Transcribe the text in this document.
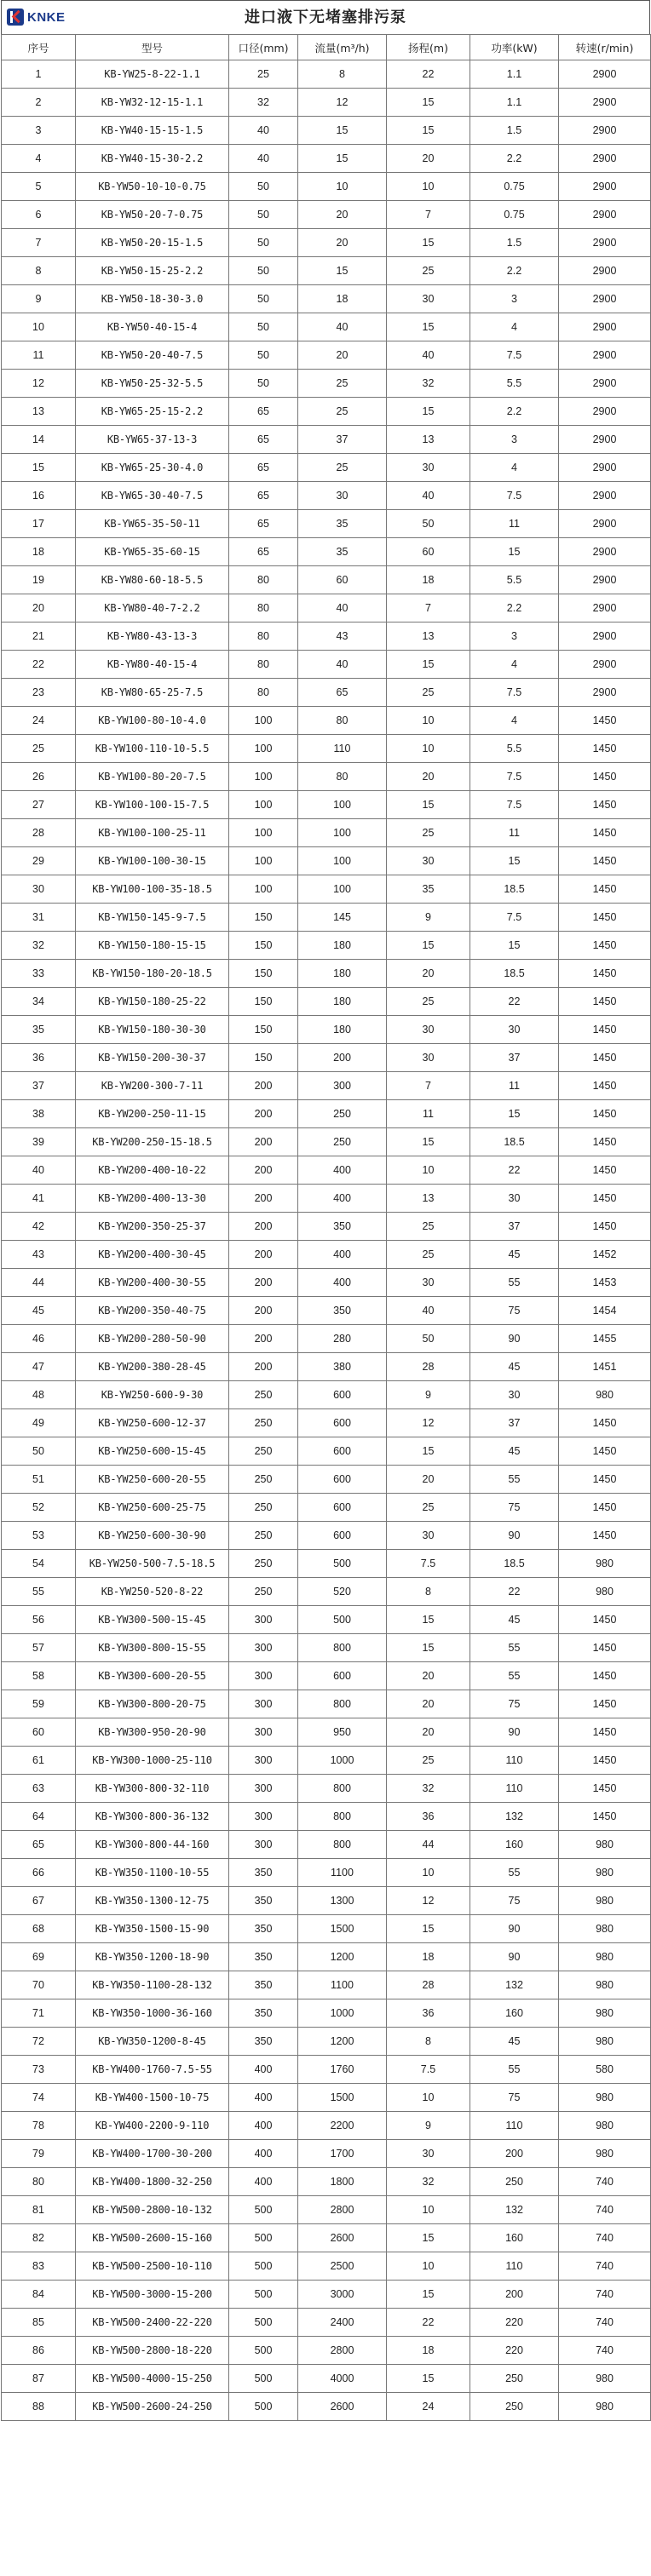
进口液下无堵塞排污泵
KNKE
序号	型号	口径(mm)	流量(m³/h)	扬程(m)	功率(kW)	转速(r/min)
1	KB-YW25-8-22-1.1	25	8	22	1.1	2900
2	KB-YW32-12-15-1.1	32	12	15	1.1	2900
3	KB-YW40-15-15-1.5	40	15	15	1.5	2900
4	KB-YW40-15-30-2.2	40	15	20	2.2	2900
5	KB-YW50-10-10-0.75	50	10	10	0.75	2900
6	KB-YW50-20-7-0.75	50	20	7	0.75	2900
7	KB-YW50-20-15-1.5	50	20	15	1.5	2900
8	KB-YW50-15-25-2.2	50	15	25	2.2	2900
9	KB-YW50-18-30-3.0	50	18	30	3	2900
10	KB-YW50-40-15-4	50	40	15	4	2900
11	KB-YW50-20-40-7.5	50	20	40	7.5	2900
12	KB-YW50-25-32-5.5	50	25	32	5.5	2900
13	KB-YW65-25-15-2.2	65	25	15	2.2	2900
14	KB-YW65-37-13-3	65	37	13	3	2900
15	KB-YW65-25-30-4.0	65	25	30	4	2900
16	KB-YW65-30-40-7.5	65	30	40	7.5	2900
17	KB-YW65-35-50-11	65	35	50	11	2900
18	KB-YW65-35-60-15	65	35	60	15	2900
19	KB-YW80-60-18-5.5	80	60	18	5.5	2900
20	KB-YW80-40-7-2.2	80	40	7	2.2	2900
21	KB-YW80-43-13-3	80	43	13	3	2900
22	KB-YW80-40-15-4	80	40	15	4	2900
23	KB-YW80-65-25-7.5	80	65	25	7.5	2900
24	KB-YW100-80-10-4.0	100	80	10	4	1450
25	KB-YW100-110-10-5.5	100	110	10	5.5	1450
26	KB-YW100-80-20-7.5	100	80	20	7.5	1450
27	KB-YW100-100-15-7.5	100	100	15	7.5	1450
28	KB-YW100-100-25-11	100	100	25	11	1450
29	KB-YW100-100-30-15	100	100	30	15	1450
30	KB-YW100-100-35-18.5	100	100	35	18.5	1450
31	KB-YW150-145-9-7.5	150	145	9	7.5	1450
32	KB-YW150-180-15-15	150	180	15	15	1450
33	KB-YW150-180-20-18.5	150	180	20	18.5	1450
34	KB-YW150-180-25-22	150	180	25	22	1450
35	KB-YW150-180-30-30	150	180	30	30	1450
36	KB-YW150-200-30-37	150	200	30	37	1450
37	KB-YW200-300-7-11	200	300	7	11	1450
38	KB-YW200-250-11-15	200	250	11	15	1450
39	KB-YW200-250-15-18.5	200	250	15	18.5	1450
40	KB-YW200-400-10-22	200	400	10	22	1450
41	KB-YW200-400-13-30	200	400	13	30	1450
42	KB-YW200-350-25-37	200	350	25	37	1450
43	KB-YW200-400-30-45	200	400	25	45	1452
44	KB-YW200-400-30-55	200	400	30	55	1453
45	KB-YW200-350-40-75	200	350	40	75	1454
46	KB-YW200-280-50-90	200	280	50	90	1455
47	KB-YW200-380-28-45	200	380	28	45	1451
48	KB-YW250-600-9-30	250	600	9	30	980
49	KB-YW250-600-12-37	250	600	12	37	1450
50	KB-YW250-600-15-45	250	600	15	45	1450
51	KB-YW250-600-20-55	250	600	20	55	1450
52	KB-YW250-600-25-75	250	600	25	75	1450
53	KB-YW250-600-30-90	250	600	30	90	1450
54	KB-YW250-500-7.5-18.5	250	500	7.5	18.5	980
55	KB-YW250-520-8-22	250	520	8	22	980
56	KB-YW300-500-15-45	300	500	15	45	1450
57	KB-YW300-800-15-55	300	800	15	55	1450
58	KB-YW300-600-20-55	300	600	20	55	1450
59	KB-YW300-800-20-75	300	800	20	75	1450
60	KB-YW300-950-20-90	300	950	20	90	1450
61	KB-YW300-1000-25-110	300	1000	25	110	1450
63	KB-YW300-800-32-110	300	800	32	110	1450
64	KB-YW300-800-36-132	300	800	36	132	1450
65	KB-YW300-800-44-160	300	800	44	160	980
66	KB-YW350-1100-10-55	350	1100	10	55	980
67	KB-YW350-1300-12-75	350	1300	12	75	980
68	KB-YW350-1500-15-90	350	1500	15	90	980
69	KB-YW350-1200-18-90	350	1200	18	90	980
70	KB-YW350-1100-28-132	350	1100	28	132	980
71	KB-YW350-1000-36-160	350	1000	36	160	980
72	KB-YW350-1200-8-45	350	1200	8	45	980
73	KB-YW400-1760-7.5-55	400	1760	7.5	55	580
74	KB-YW400-1500-10-75	400	1500	10	75	980
78	KB-YW400-2200-9-110	400	2200	9	110	980
79	KB-YW400-1700-30-200	400	1700	30	200	980
80	KB-YW400-1800-32-250	400	1800	32	250	740
81	KB-YW500-2800-10-132	500	2800	10	132	740
82	KB-YW500-2600-15-160	500	2600	15	160	740
83	KB-YW500-2500-10-110	500	2500	10	110	740
84	KB-YW500-3000-15-200	500	3000	15	200	740
85	KB-YW500-2400-22-220	500	2400	22	220	740
86	KB-YW500-2800-18-220	500	2800	18	220	740
87	KB-YW500-4000-15-250	500	4000	15	250	980
88	KB-YW500-2600-24-250	500	2600	24	250	980
